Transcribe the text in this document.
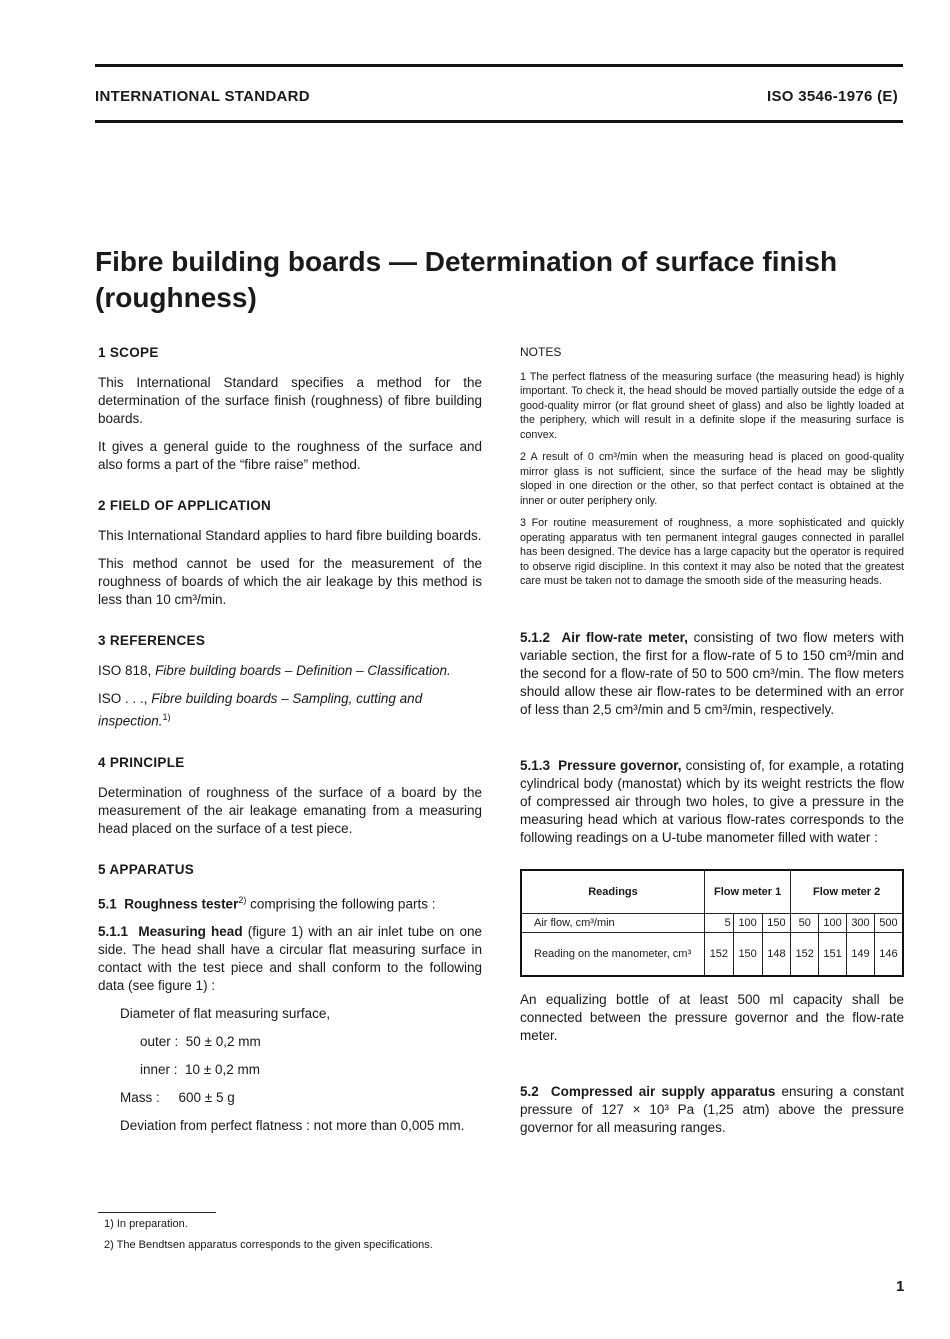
INTERNATIONAL STANDARD	ISO 3546-1976 (E)
Fibre building boards — Determination of surface finish (roughness)
1 SCOPE

This International Standard specifies a method for the determination of the surface finish (roughness) of fibre building boards.

It gives a general guide to the roughness of the surface and also forms a part of the “fibre raise” method.

2 FIELD OF APPLICATION

This International Standard applies to hard fibre building boards.

This method cannot be used for the measurement of the roughness of boards of which the air leakage by this method is less than 10 cm³/min.

3 REFERENCES

ISO 818, Fibre building boards – Definition – Classification.

ISO . . ., Fibre building boards – Sampling, cutting and inspection.$^{1)}$

4 PRINCIPLE

Determination of roughness of the surface of a board by the measurement of the air leakage emanating from a measuring head placed on the surface of a test piece.

5 APPARATUS

5.1 Roughness tester$^{2)}$ comprising the following parts :

5.1.1 Measuring head (figure 1) with an air inlet tube on one side. The head shall have a circular flat measuring surface in contact with the test piece and shall conform to the following data (see figure 1) :

Diameter of flat measuring surface,

outer :  50 ± 0,2 mm

inner :  10 ± 0,2 mm

Mass :     600 ± 5 g

Deviation from perfect flatness : not more than 0,005 mm.

1) In preparation.
2) The Bendtsen apparatus corresponds to the given specifications.

NOTES

1 The perfect flatness of the measuring surface (the measuring head) is highly important. To check it, the head should be moved partially outside the edge of a good-quality mirror (or flat ground sheet of glass) and also be lightly loaded at the periphery, which will result in a definite slope if the measuring surface is convex.

2 A result of 0 cm³/min when the measuring head is placed on good-quality mirror glass is not sufficient, since the surface of the head may be slightly sloped in one direction or the other, so that perfect contact is obtained at the inner or outer periphery only.

3 For routine measurement of roughness, a more sophisticated and quickly operating apparatus with ten permanent integral gauges connected in parallel has been designed. The device has a large capacity but the operator is required to observe rigid discipline. In this context it may also be noted that the greatest care must be taken not to damage the smooth side of the measuring heads.

5.1.2 Air flow-rate meter, consisting of two flow meters with variable section, the first for a flow-rate of 5 to 150 cm³/min and the second for a flow-rate of 50 to 500 cm³/min. The flow meters should allow these air flow-rates to be determined with an error of less than 2,5 cm³/min and 5 cm³/min, respectively.

5.1.3 Pressure governor, consisting of, for example, a rotating cylindrical body (manostat) which by its weight restricts the flow of compressed air through two holes, to give a pressure in the measuring head which at various flow-rates corresponds to the following readings on a U-tube manometer filled with water :

Readings	Flow meter 1			Flow meter 2			
Air flow, cm³/min	5	100	150	50	100	300	500
Reading on the manometer, cm³	152	150	148	152	151	149	146

An equalizing bottle of at least 500 ml capacity shall be connected between the pressure governor and the flow-rate meter.

5.2 Compressed air supply apparatus ensuring a constant pressure of 127 × 10³ Pa (1,25 atm) above the pressure governor for all measuring ranges.

1
